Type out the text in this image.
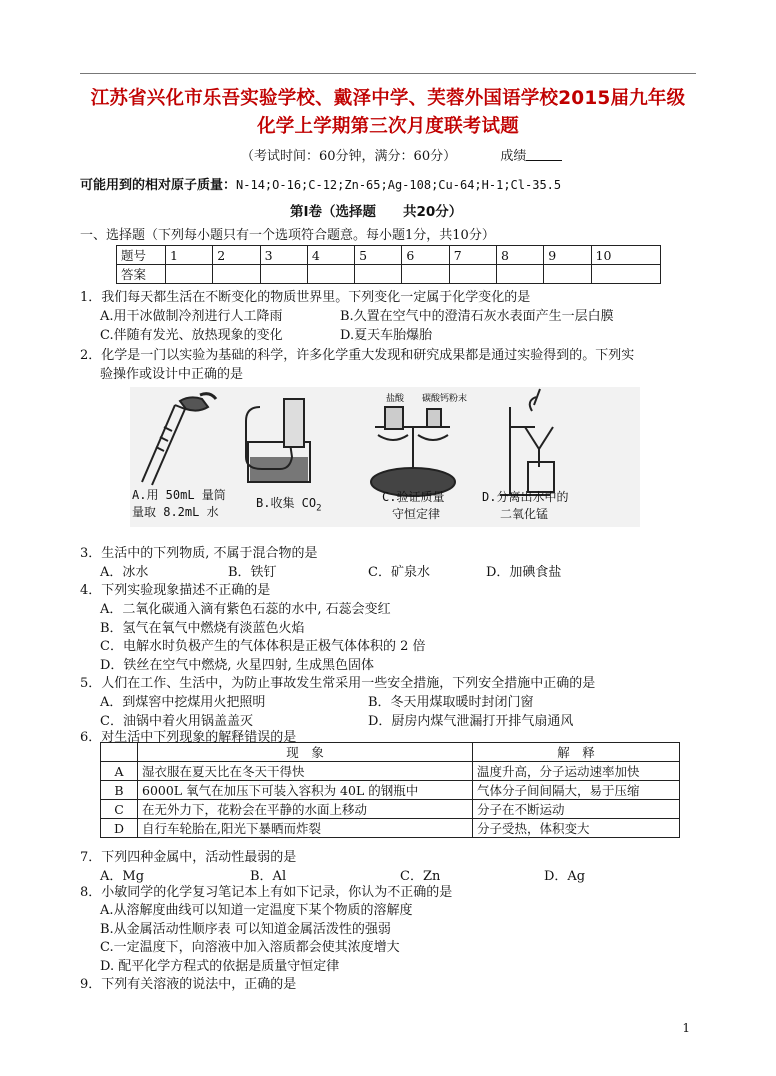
江苏省兴化市乐吾实验学校、戴泽中学、芙蓉外国语学校2015届九年级
化学上学期第三次月度联考试题
（考试时间：60分钟，满分：60分）	成绩
可能用到的相对原子质量：N-14;O-16;C-12;Zn-65;Ag-108;Cu-64;H-1;Cl-35.5
第Ⅰ卷（选择题　　共20分）
一、选择题（下列每小题只有一个选项符合题意。每小题1分，共10分）
题号	1	2	3	4	5	6	7	8	9	10
答案										
1．我们每天都生活在不断变化的物质世界里。下列变化一定属于化学变化的是
A.用干冰做制冷剂进行人工降雨	B.久置在空气中的澄清石灰水表面产生一层白膜
C.伴随有发光、放热现象的变化	D.夏天车胎爆胎
2．化学是一门以实验为基础的科学，许多化学重大发现和研究成果都是通过实验得到的。下列实
验操作或设计中正确的是
盐酸 碳酸钙粉末
A.用 50mL 量筒
量取 8.2mL 水
B.收集 $CO_2$
C.验证质量
守恒定律
D.分离出水中的
二氧化锰
3．生活中的下列物质, 不属于混合物的是
A．冰水	B．铁钉	C．矿泉水	D．加碘食盐
4．下列实验现象描述不正确的是
A．二氧化碳通入滴有紫色石蕊的水中, 石蕊会变红
B．氢气在氧气中燃烧有淡蓝色火焰
C．电解水时负极产生的气体体积是正极气体体积的 2 倍
D．铁丝在空气中燃烧, 火星四射, 生成黑色固体
5．人们在工作、生活中，为防止事故发生常采用一些安全措施，下列安全措施中正确的是
A．到煤窖中挖煤用火把照明	B．冬天用煤取暖时封闭门窗
C．油锅中着火用锅盖盖灭	D．厨房内煤气泄漏打开排气扇通风
6．对生活中下列现象的解释错误的是
	现　象	解　释
A	湿衣服在夏天比在冬天干得快	温度升高，分子运动速率加快
B	6000L 氧气在加压下可装入容积为 40L 的钢瓶中	气体分子间间隔大，易于压缩
C	在无外力下，花粉会在平静的水面上移动	分子在不断运动
D	自行车轮胎在,阳光下暴晒而炸裂	分子受热，体积变大
7．下列四种金属中，活动性最弱的是
A．Mg	B．Al	C．Zn	D．Ag
8．小敏同学的化学复习笔记本上有如下记录，你认为不正确的是
A.从溶解度曲线可以知道一定温度下某个物质的溶解度
B.从金属活动性顺序表 可以知道金属活泼性的强弱
C.一定温度下，向溶液中加入溶质都会使其浓度增大
D. 配平化学方程式的依据是质量守恒定律
9．下列有关溶液的说法中，正确的是
1
